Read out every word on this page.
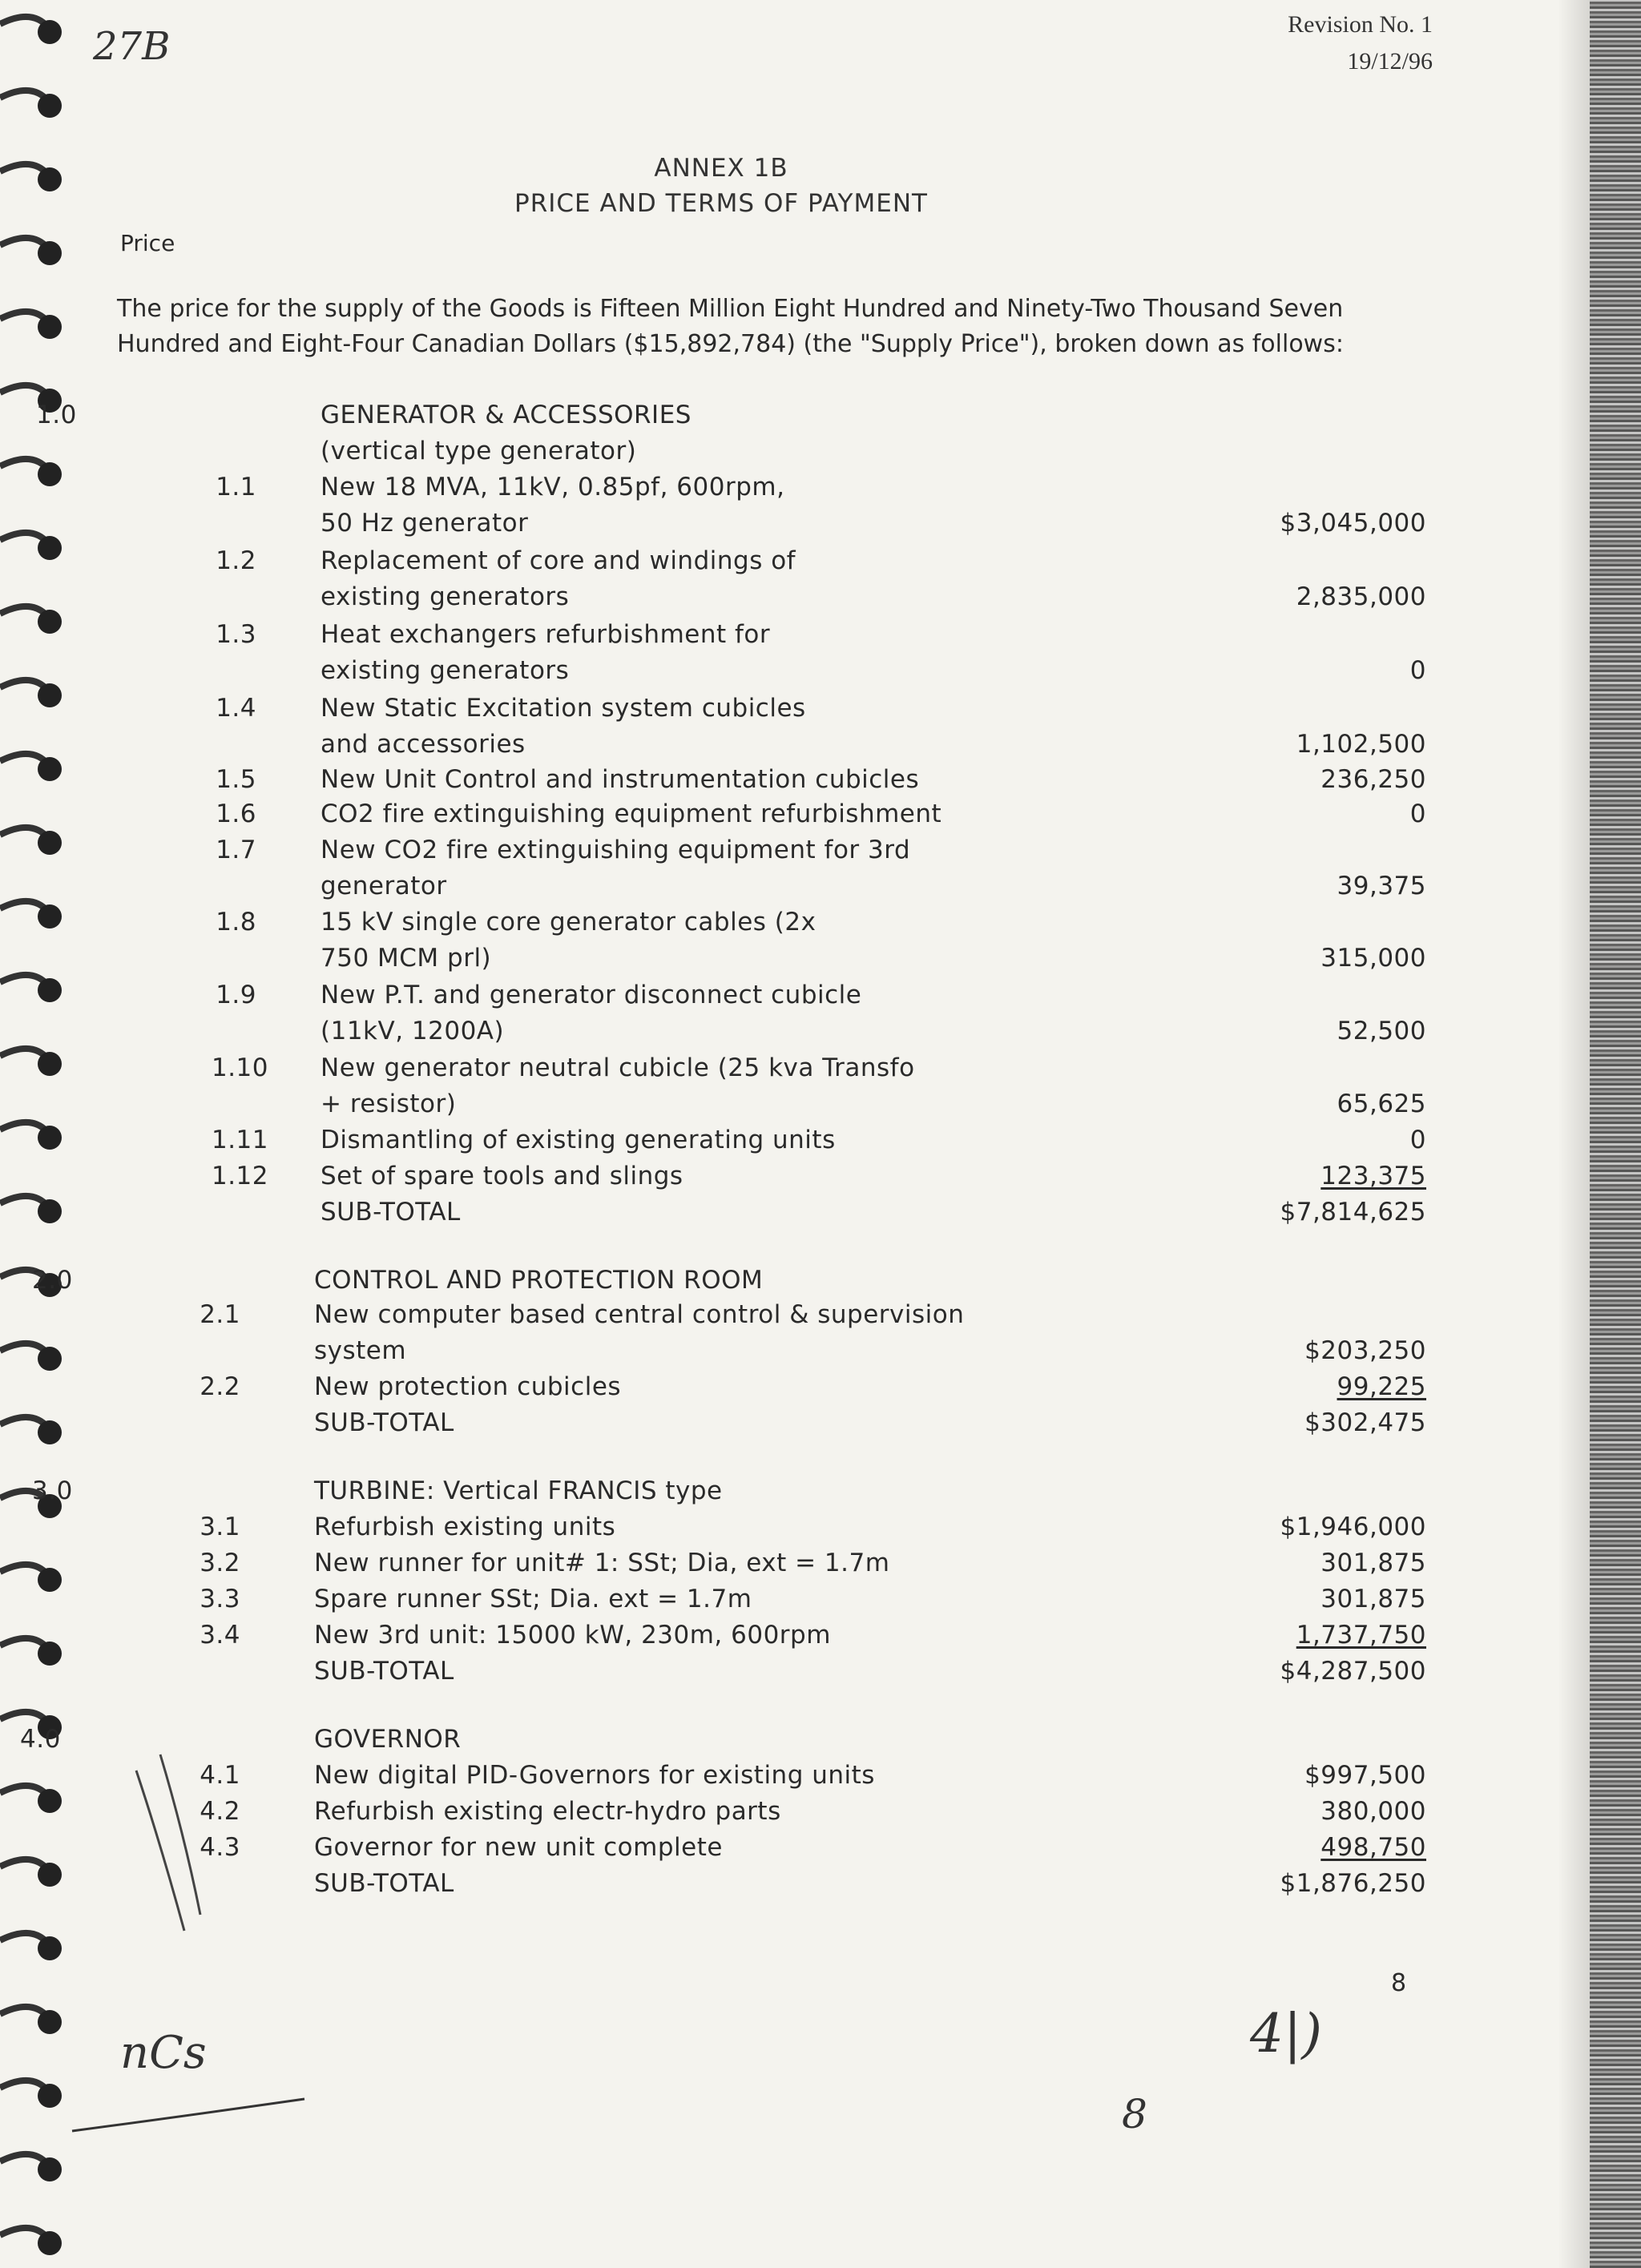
27B	Revision No. 1
19/12/96
ANNEX 1B
PRICE AND TERMS OF PAYMENT
Price
The price for the supply of the Goods is Fifteen Million Eight Hundred and Ninety-Two Thousand Seven Hundred and Eight-Four Canadian Dollars ($15,892,784) (the "Supply Price"), broken down as follows:
1.0	GENERATOR & ACCESSORIES
(vertical type generator)
1.1	New 18 MVA, 11kV, 0.85pf, 600rpm,
50 Hz generator	$3,045,000
1.2	Replacement of core and windings of
existing generators	2,835,000
1.3	Heat exchangers refurbishment for
existing generators	0
1.4	New Static Excitation system cubicles
and accessories	1,102,500
1.5	New Unit Control and instrumentation cubicles	236,250
1.6	CO2 fire extinguishing equipment refurbishment	0
1.7	New CO2 fire extinguishing equipment for 3rd
generator	39,375
1.8	15 kV single core generator cables (2x
750 MCM prl)	315,000
1.9	New P.T. and generator disconnect cubicle
(11kV, 1200A)	52,500
1.10 New generator neutral cubicle (25 kva Transfo
+ resistor)	65,625
1.11 Dismantling of existing generating units	0
1.12 Set of spare tools and slings	123,375
SUB-TOTAL	$7,814,625
2.0	CONTROL AND PROTECTION ROOM
2.1	New computer based central control & supervision
system	$203,250
2.2	New protection cubicles	99,225
SUB-TOTAL	$302,475
3.0	TURBINE: Vertical FRANCIS type
3.1	Refurbish existing units	$1,946,000
3.2	New runner for unit# 1: SSt; Dia, ext = 1.7m	301,875
3.3	Spare runner SSt; Dia. ext = 1.7m	301,875
3.4	New 3rd unit: 15000 kW, 230m, 600rpm	1,737,750
SUB-TOTAL	$4,287,500
4.0	GOVERNOR
4.1	New digital PID-Governors for existing units	$997,500
4.2	Refurbish existing electr-hydro parts	380,000
4.3	Governor for new unit complete	498,750
SUB-TOTAL	$1,876,250
8
8
nCs	4|)
